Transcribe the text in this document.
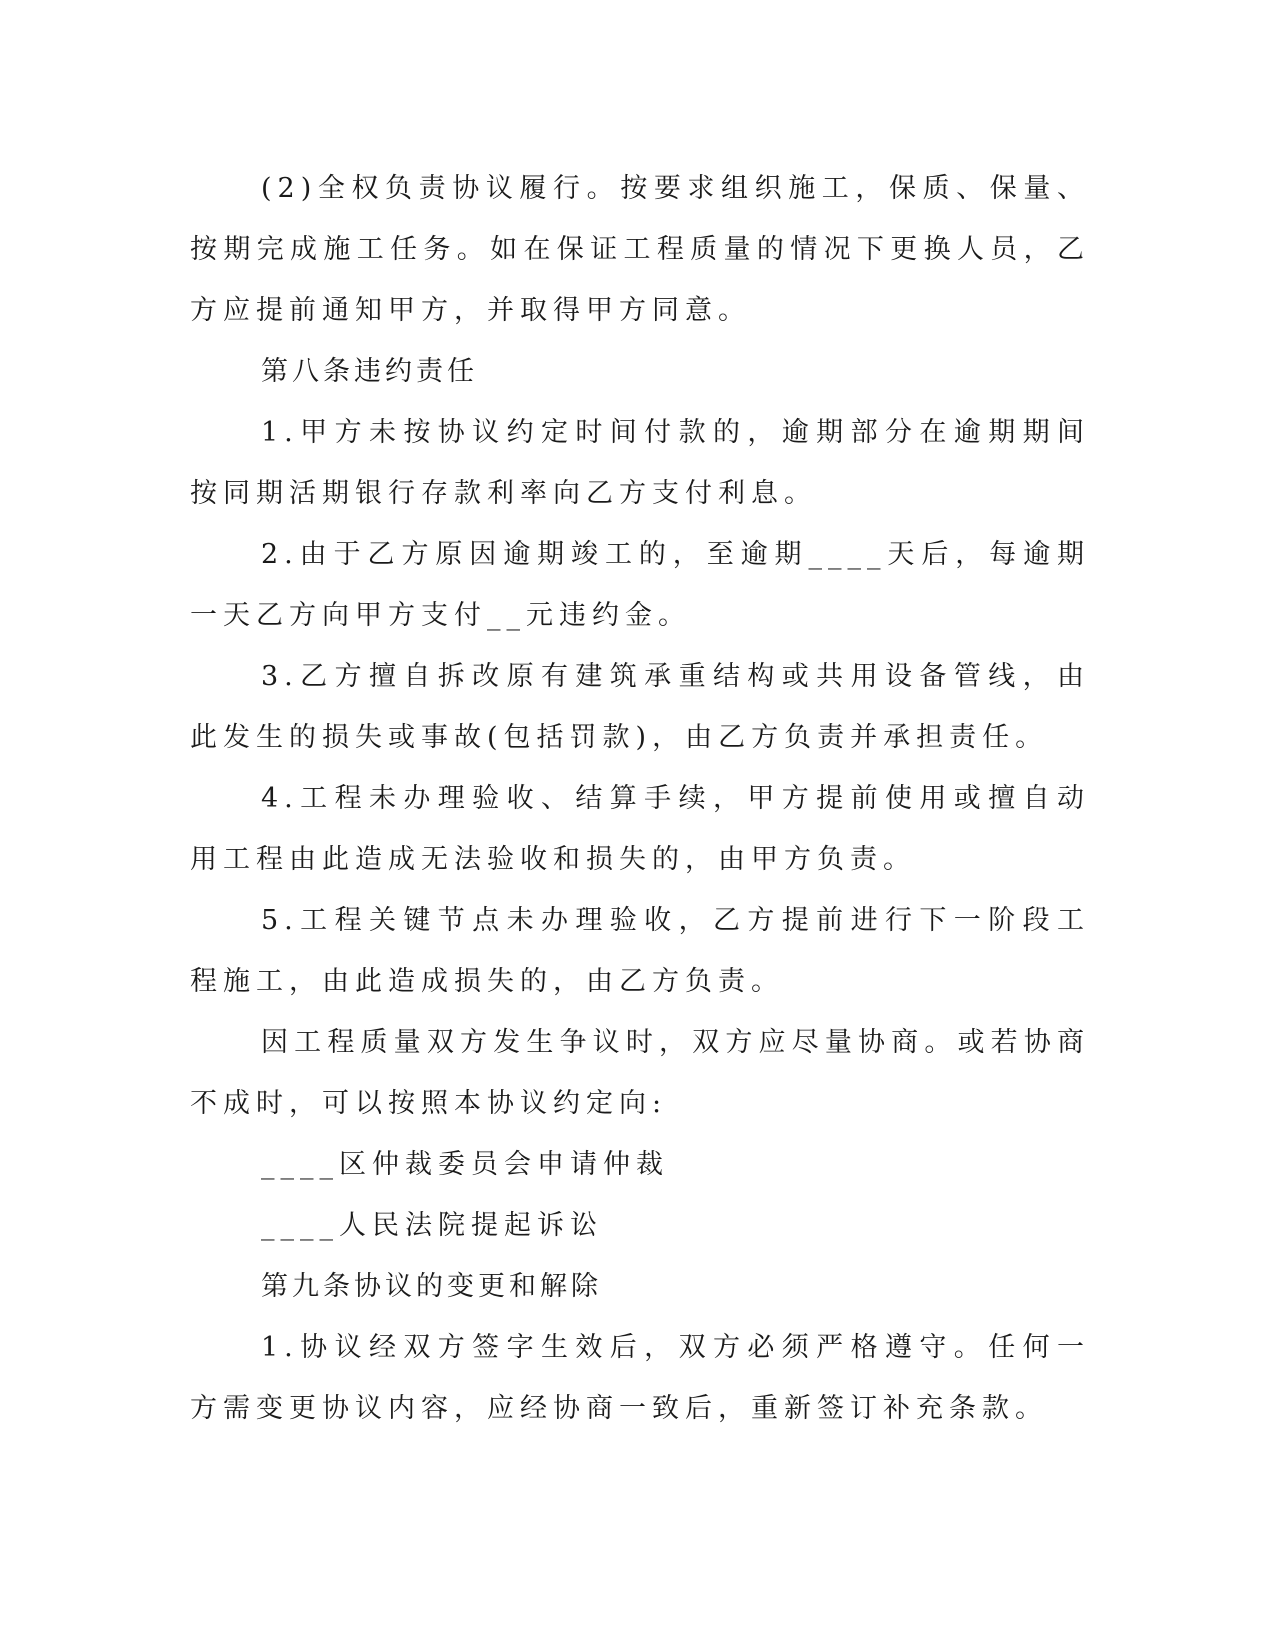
(2)全权负责协议履行。按要求组织施工，保质、保量、按期完成施工任务。如在保证工程质量的情况下更换人员，乙方应提前通知甲方，并取得甲方同意。

第八条违约责任

1.甲方未按协议约定时间付款的，逾期部分在逾期期间按同期活期银行存款利率向乙方支付利息。

2.由于乙方原因逾期竣工的，至逾期____天后，每逾期一天乙方向甲方支付__元违约金。

3.乙方擅自拆改原有建筑承重结构或共用设备管线，由此发生的损失或事故(包括罚款)，由乙方负责并承担责任。

4.工程未办理验收、结算手续，甲方提前使用或擅自动用工程由此造成无法验收和损失的，由甲方负责。

5.工程关键节点未办理验收，乙方提前进行下一阶段工程施工，由此造成损失的，由乙方负责。

因工程质量双方发生争议时，双方应尽量协商。或若协商不成时，可以按照本协议约定向:

____区仲裁委员会申请仲裁

____人民法院提起诉讼

第九条协议的变更和解除

1.协议经双方签字生效后，双方必须严格遵守。任何一方需变更协议内容，应经协商一致后，重新签订补充条款。
